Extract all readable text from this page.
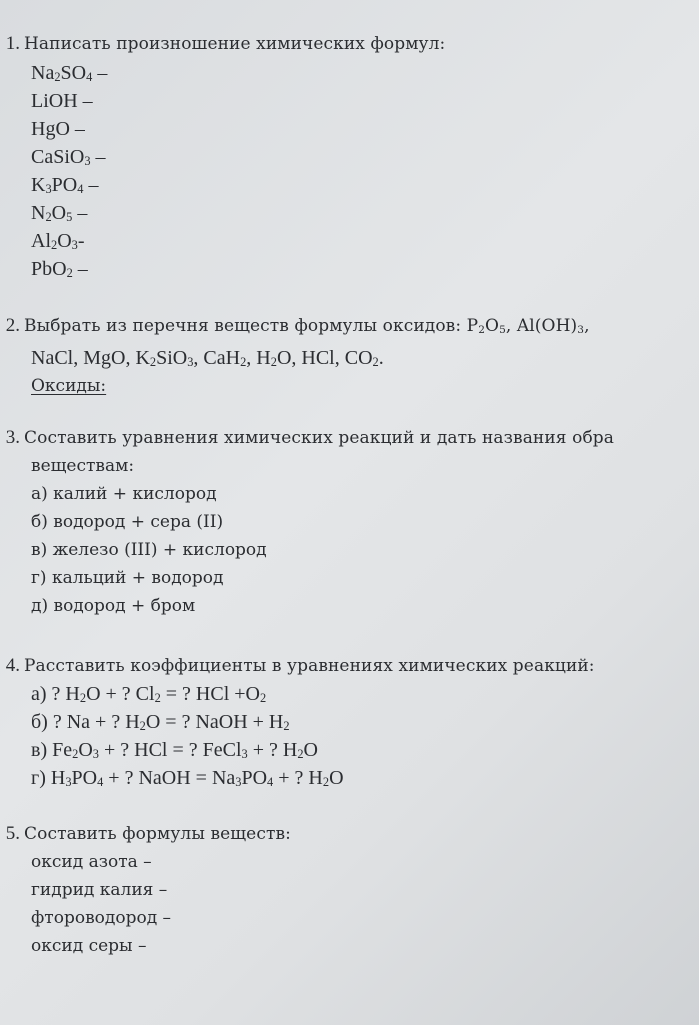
1. Написать произношение химических формул:
Na2SO4 –
LiOH –
HgO –
CaSiO3 –
K3PO4 –
N2O5 –
Al2O3-
PbO2 –
2. Выбрать из перечня веществ формулы оксидов: P2O5, Al(OH)3,
NaCl, MgO, K2SiO3, CaH2, H2O, HCl, CO2.
Оксиды:
3. Составить уравнения химических реакций и дать названия обра
веществам:
а) калий + кислород
б) водород + сера (II)
в) железо (III) + кислород
г) кальций + водород
д) водород + бром
4. Расставить коэффициенты в уравнениях химических реакций:
а) ? H2O + ? Cl2 = ? HCl +O2
б) ? Na + ? H2O = ? NaOH + H2
в) Fe2O3 + ? HCl = ? FeCl3 + ? H2O
г) H3PO4 + ? NaOH = Na3PO4 + ? H2O
5. Составить формулы веществ:
оксид азота –
гидрид калия –
фтороводород –
оксид серы –
